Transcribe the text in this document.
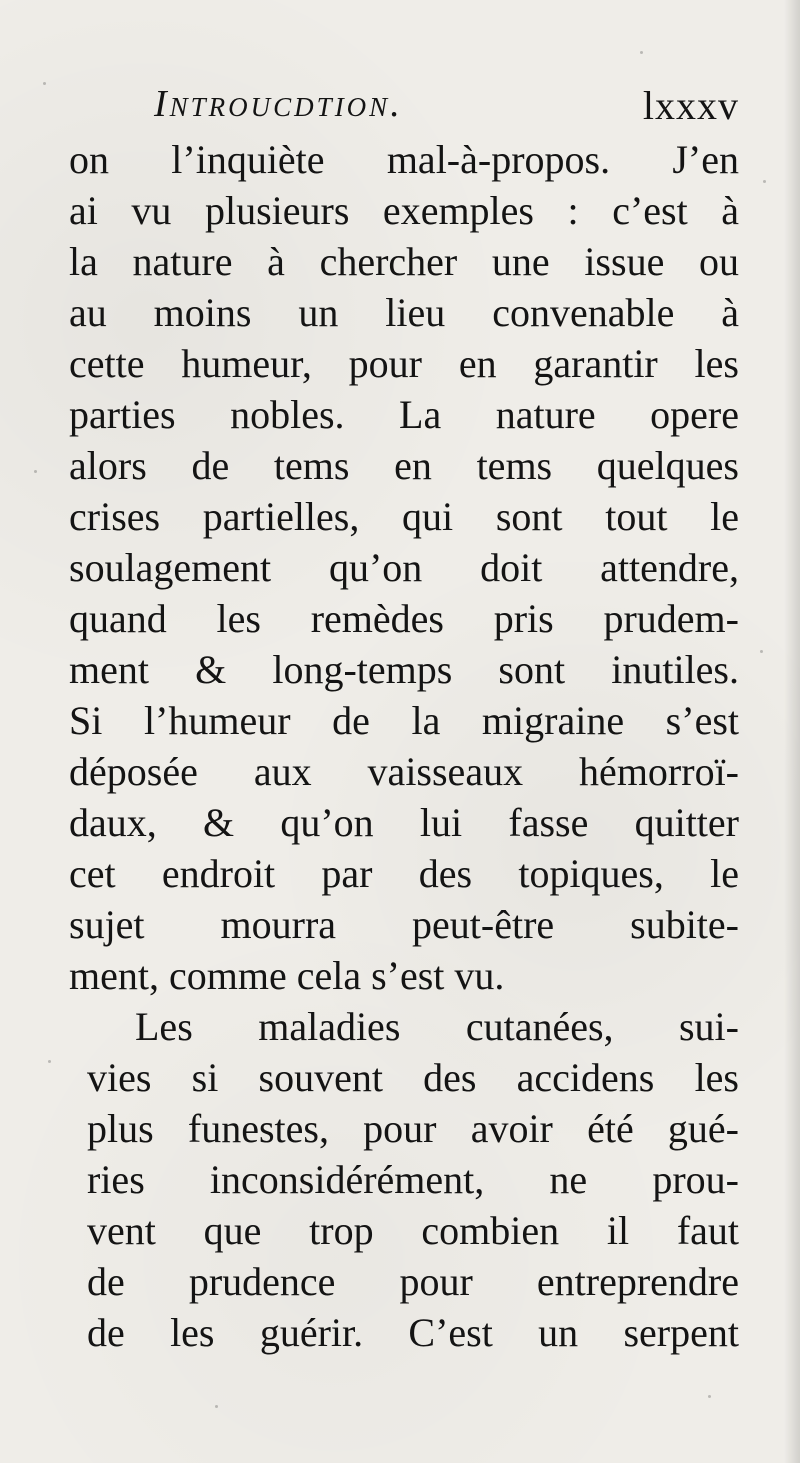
Introucdtion.	lxxxv
on l’inquiète mal-à-propos. J’en
ai vu plusieurs exemples : c’est à
la nature à chercher une issue ou
au moins un lieu convenable à
cette humeur, pour en garantir les
parties nobles. La nature opere
alors de tems en tems quelques
crises partielles, qui sont tout le
soulagement qu’on doit attendre,
quand les remèdes pris prudem-
ment & long-temps sont inutiles.
Si l’humeur de la migraine s’est
déposée aux vaisseaux hémorroï-
daux, & qu’on lui fasse quitter
cet endroit par des topiques, le
sujet mourra peut-être subite-
ment, comme cela s’est vu.
Les maladies cutanées, sui-
vies si souvent des accidens les
plus funestes, pour avoir été gué-
ries inconsidérément, ne prou-
vent que trop combien il faut
de prudence pour entreprendre
de les guérir. C’est un serpent
